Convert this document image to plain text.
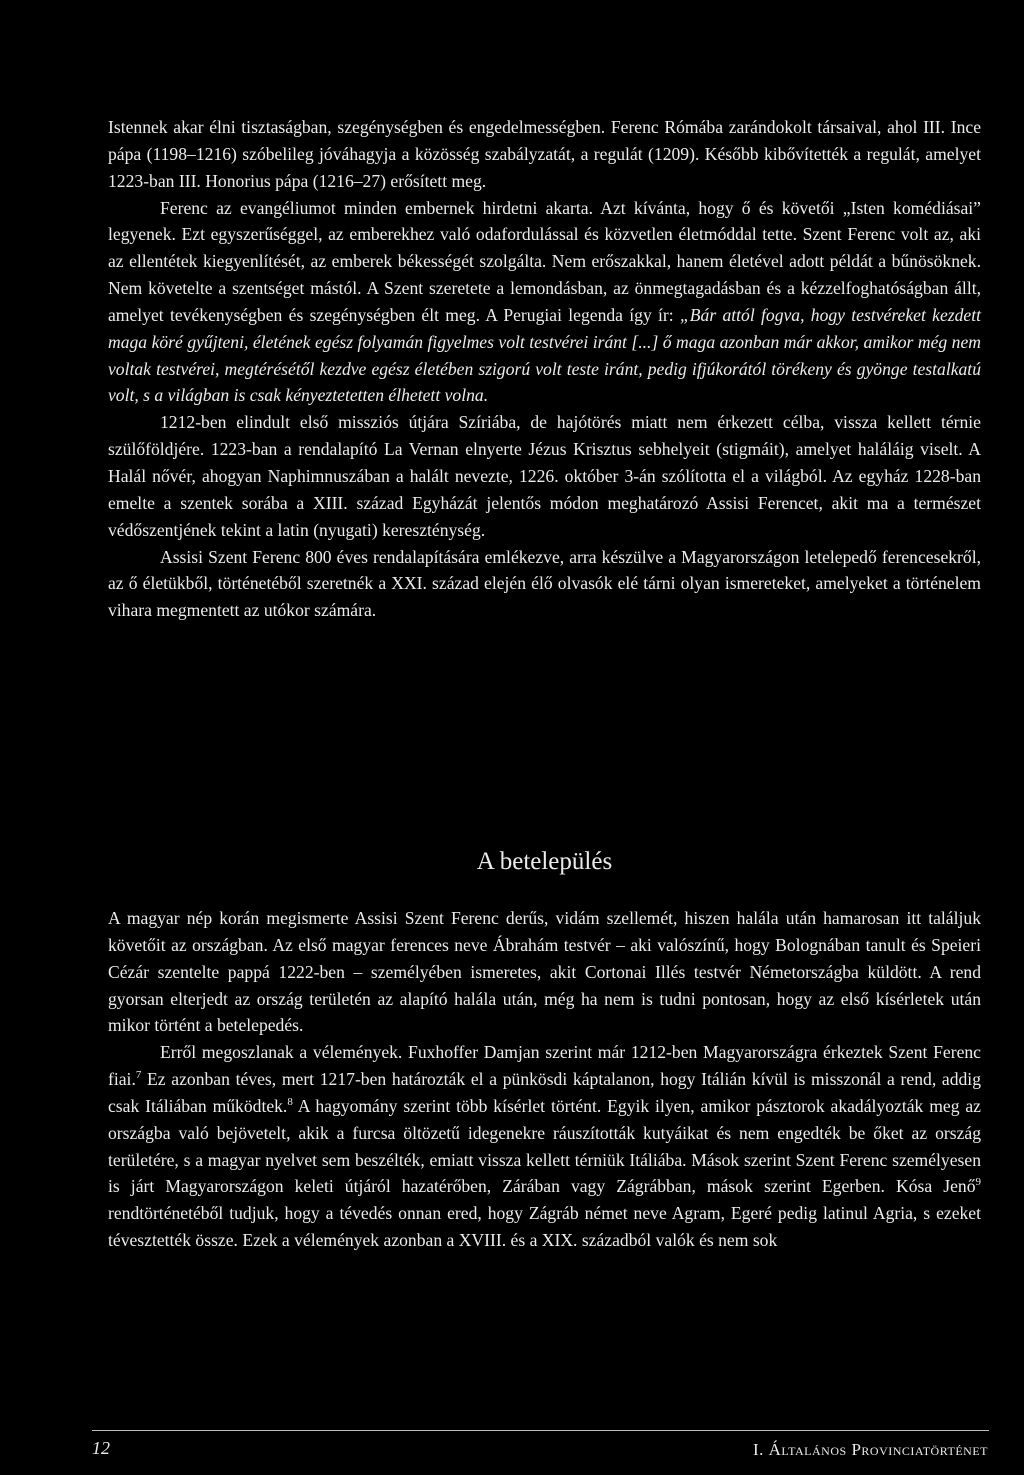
Istennek akar élni tisztaságban, szegénységben és engedelmességben. Ferenc Rómába zarándokolt társaival, ahol III. Ince pápa (1198–1216) szóbelileg jóváhagyja a közösség szabályzatát, a regulát (1209). Később kibővítették a regulát, amelyet 1223-ban III. Honorius pápa (1216–27) erősített meg.

Ferenc az evangéliumot minden embernek hirdetni akarta. Azt kívánta, hogy ő és követői „Isten komédiásai” legyenek. Ezt egyszerűséggel, az emberekhez való odafordulással és közvetlen életmóddal tette. Szent Ferenc volt az, aki az ellentétek kiegyenlítését, az emberek békességét szolgálta. Nem erőszakkal, hanem életével adott példát a bűnösöknek. Nem követelte a szentséget mástól. A Szent szeretete a lemondásban, az önmegtagadásban és a kézzelfoghatóságban állt, amelyet tevékenységben és szegénységben élt meg. A Perugiai legenda így ír: „Bár attól fogva, hogy testvéreket kezdett maga köré gyűjteni, életének egész folyamán figyelmes volt testvérei iránt [...] ő maga azonban már akkor, amikor még nem voltak testvérei, megtérésétől kezdve egész életében szigorú volt teste iránt, pedig ifjúkorától törékeny és gyönge testalkatú volt, s a világban is csak kényeztetetten élhetett volna.

1212-ben elindult első missziós útjára Szíriába, de hajótörés miatt nem érkezett célba, vissza kellett térnie szülőföldjére. 1223-ban a rendalapító La Vernan elnyerte Jézus Krisztus sebhelyeit (stigmáit), amelyet haláláig viselt. A Halál nővér, ahogyan Naphimnuszában a halált nevezte, 1226. október 3-án szólította el a világból. Az egyház 1228-ban emelte a szentek sorába a XIII. század Egyházát jelentős módon meghatározó Assisi Ferencet, akit ma a természet védőszentjének tekint a latin (nyugati) kereszténység.

Assisi Szent Ferenc 800 éves rendalapítására emlékezve, arra készülve a Magyarországon letelepedő ferencesekről, az ő életükből, történetéből szeretnék a XXI. század elején élő olvasók elé tárni olyan ismereteket, amelyeket a történelem vihara megmentett az utókor számára.

A betelepülés

A magyar nép korán megismerte Assisi Szent Ferenc derűs, vidám szellemét, hiszen halála után hamarosan itt találjuk követőit az országban. Az első magyar ferences neve Ábrahám testvér – aki valószínű, hogy Bolognában tanult és Speieri Cézár szentelte pappá 1222-ben – személyében ismeretes, akit Cortonai Illés testvér Németországba küldött. A rend gyorsan elterjedt az ország területén az alapító halála után, még ha nem is tudni pontosan, hogy az első kísérletek után mikor történt a betelepedés.

Erről megoszlanak a vélemények. Fuxhoffer Damjan szerint már 1212-ben Magyarországra érkeztek Szent Ferenc fiai.$^7$ Ez azonban téves, mert 1217-ben határozták el a pünkösdi káptalanon, hogy Itálián kívül is misszonál a rend, addig csak Itáliában működtek.$^8$ A hagyomány szerint több kísérlet történt. Egyik ilyen, amikor pásztorok akadályozták meg az országba való bejövetelt, akik a furcsa öltözetű idegenekre ráuszították kutyáikat és nem engedték be őket az ország területére, s a magyar nyelvet sem beszélték, emiatt vissza kellett térniük Itáliába. Mások szerint Szent Ferenc személyesen is járt Magyarországon keleti útjáról hazatérőben, Zárában vagy Zágrábban, mások szerint Egerben. Kósa Jenő$^9$ rendtörténetéből tudjuk, hogy a tévedés onnan ered, hogy Zágráb német neve Agram, Egeré pedig latinul Agria, s ezeket tévesztették össze. Ezek a vélemények azonban a XVIII. és a XIX. századból valók és nem sok

12	I. Általános Provinciatörténet
